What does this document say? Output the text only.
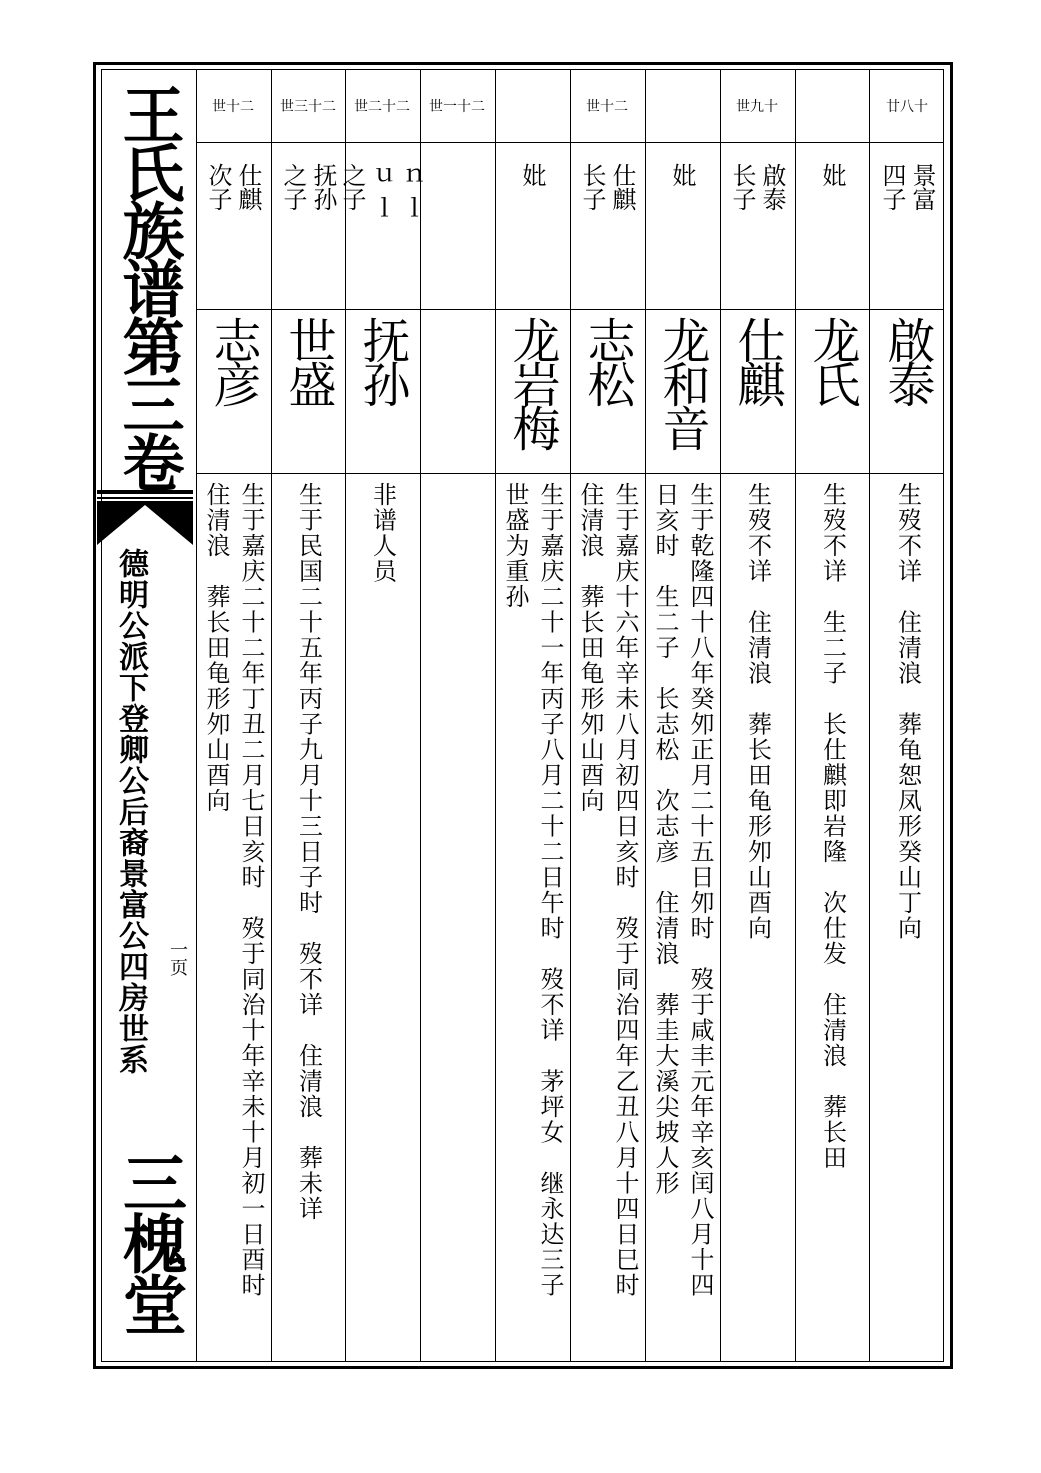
王氏族谱第三卷
德明公派下登卿公后裔景富公四房世系 一页
三槐堂
廿八十
景富
四子
啟泰
生歿不详　住清浪　葬龟恕凤形癸山丁向
妣
龙氏
生歿不详　生二子　长仕麒即岩隆　次仕发　住清浪　葬长田
世九十
啟泰
长子
仕麒
生歿不详　住清浪　葬长田龟形夘山酉向
妣
龙和音
生于乾隆四十八年癸夘正月二十五日夘时　歿于咸丰元年辛亥闰八月十四
日亥时　生二子　长志松　次志彦　住清浪　葬圭大溪尖坡人形
世十二
仕麒
长子
志松
生于嘉庆十六年辛未八月初四日亥时　歿于同治四年乙丑八月十四日巳时
住清浪　葬长田龟形夘山酉向
妣
龙岩梅
生于嘉庆二十一年丙子八月二十二日午时　歿不详　茅坪女　继永达三子
世盛为重孙
世一十二
世二十二
ｎ ｌ
ｕ ｌ
之子
抚孙
非谱人员
世三十二
抚孙
之子
世盛
生于民国二十五年丙子九月十三日子时　歿不详　住清浪　葬未详
世十二
仕麒
次子
志彦
生于嘉庆二十二年丁丑二月七日亥时　歿于同治十年辛未十月初一日酉时
住清浪　葬长田龟形夘山酉向
